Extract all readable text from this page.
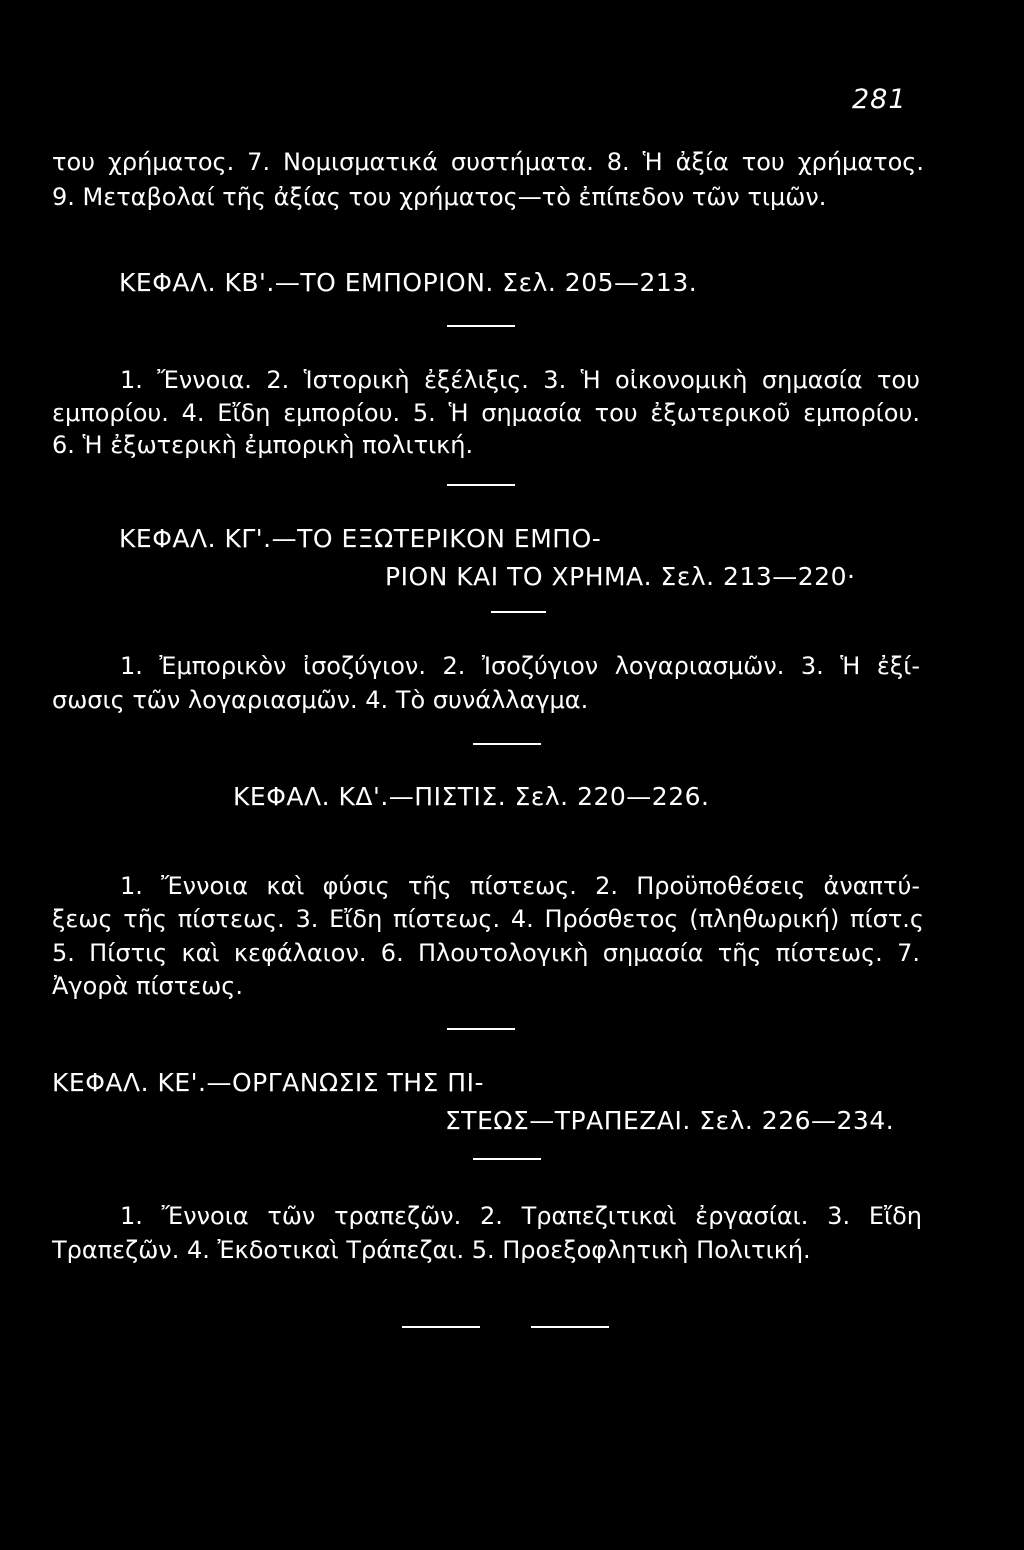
281
του χρήματος. 7. Νομισματικά συστήματα. 8. Ἡ ἀξία του χρήματος.
9. Μεταβολαί τῆς ἀξίας του χρήματος—τὸ ἐπίπεδον τῶν τιμῶν.
ΚΕΦΑΛ. ΚΒ'.—ΤΟ ΕΜΠΟΡΙΟΝ. Σελ. 205—213.
1. Ἔννοια. 2. Ἱστορικὴ ἐξέλιξις. 3. Ἡ οἰκονομικὴ σημασία του
εμπορίου. 4. Εἴδη εμπορίου. 5. Ἡ σημασία του ἐξωτερικοῦ εμπορίου.
6. Ἡ ἐξωτερικὴ ἐμπορικὴ πολιτική.
ΚΕΦΑΛ. ΚΓ'.—ΤΟ ΕΞΩΤΕΡΙΚΟΝ ΕΜΠΟ-
ΡΙΟΝ ΚΑΙ ΤΟ ΧΡΗΜΑ. Σελ. 213—220·
1. Ἐμπορικὸν ἰσοζύγιον. 2. Ἰσοζύγιον λογαριασμῶν. 3. Ἡ ἐξί-
σωσις τῶν λογαριασμῶν. 4. Τὸ συνάλλαγμα.
ΚΕΦΑΛ. ΚΔ'.—ΠΙΣΤΙΣ. Σελ. 220—226.
1. Ἔννοια καὶ φύσις τῆς πίστεως. 2. Προϋποθέσεις ἀναπτύ-
ξεως τῆς πίστεως. 3. Εἴδη πίστεως. 4. Πρόσθετος (πληθωρική) πίστ.ς
5. Πίστις καὶ κεφάλαιον. 6. Πλουτολογικὴ σημασία τῆς πίστεως. 7.
Ἀγορὰ πίστεως.
ΚΕΦΑΛ. ΚΕ'.—ΟΡΓΑΝΩΣΙΣ ΤΗΣ ΠΙ-
ΣΤΕΩΣ—ΤΡΑΠΕΖΑΙ. Σελ. 226—234.
1. Ἔννοια τῶν τραπεζῶν. 2. Τραπεζιτικαὶ ἐργασίαι. 3. Εἴδη
Τραπεζῶν. 4. Ἐκδοτικαὶ Τράπεζαι. 5. Προεξοφλητικὴ Πολιτική.
